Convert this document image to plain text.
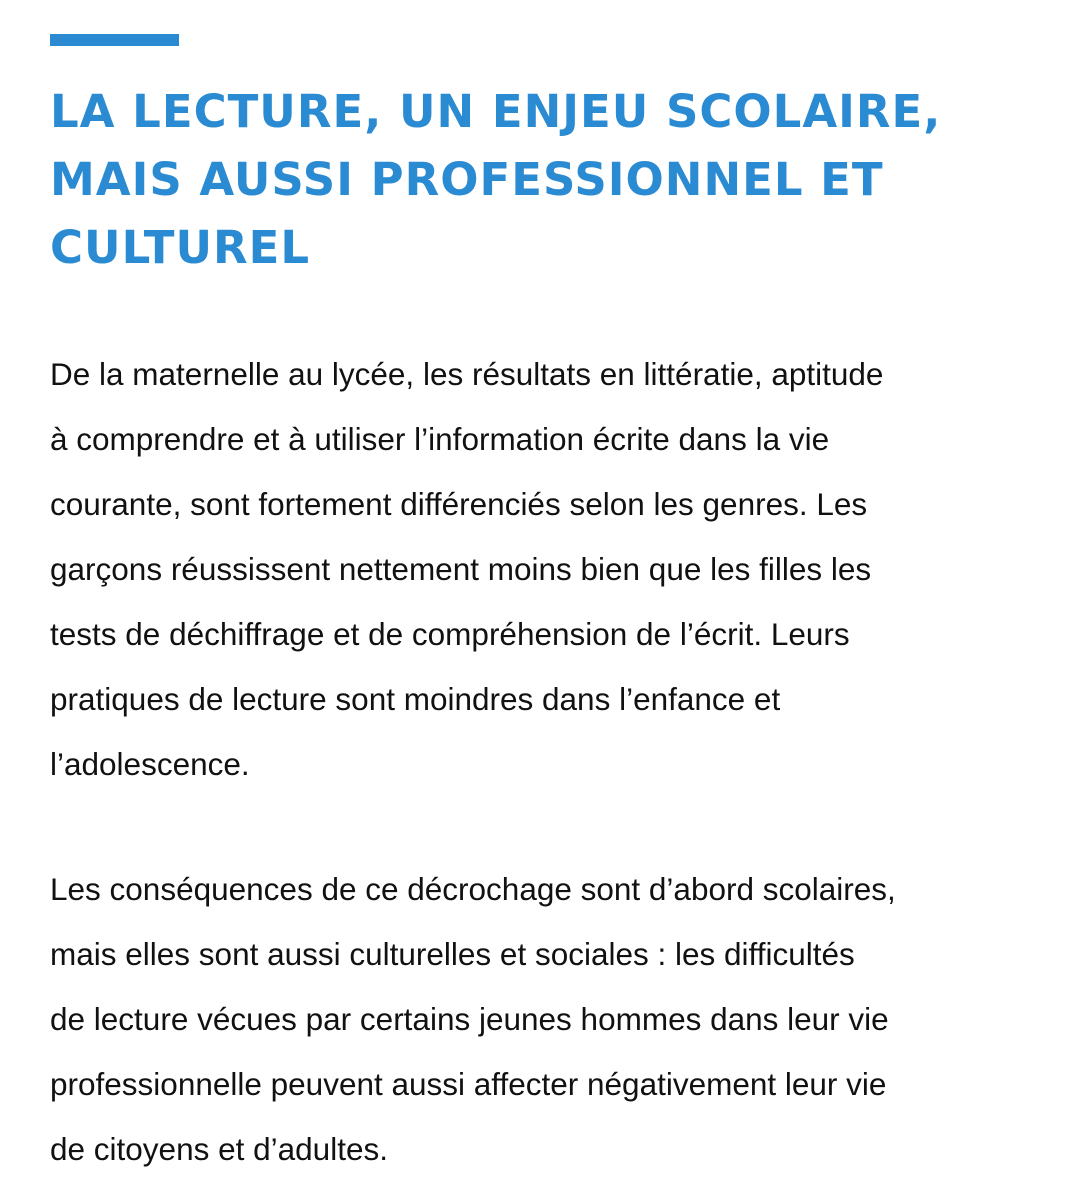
LA LECTURE, UN ENJEU SCOLAIRE,
MAIS AUSSI PROFESSIONNEL ET
CULTUREL

De la maternelle au lycée, les résultats en littératie, aptitude
à comprendre et à utiliser l’information écrite dans la vie
courante, sont fortement différenciés selon les genres. Les
garçons réussissent nettement moins bien que les filles les
tests de déchiffrage et de compréhension de l’écrit. Leurs
pratiques de lecture sont moindres dans l’enfance et
l’adolescence.

Les conséquences de ce décrochage sont d’abord scolaires,
mais elles sont aussi culturelles et sociales : les difficultés
de lecture vécues par certains jeunes hommes dans leur vie
professionnelle peuvent aussi affecter négativement leur vie
de citoyens et d’adultes.
